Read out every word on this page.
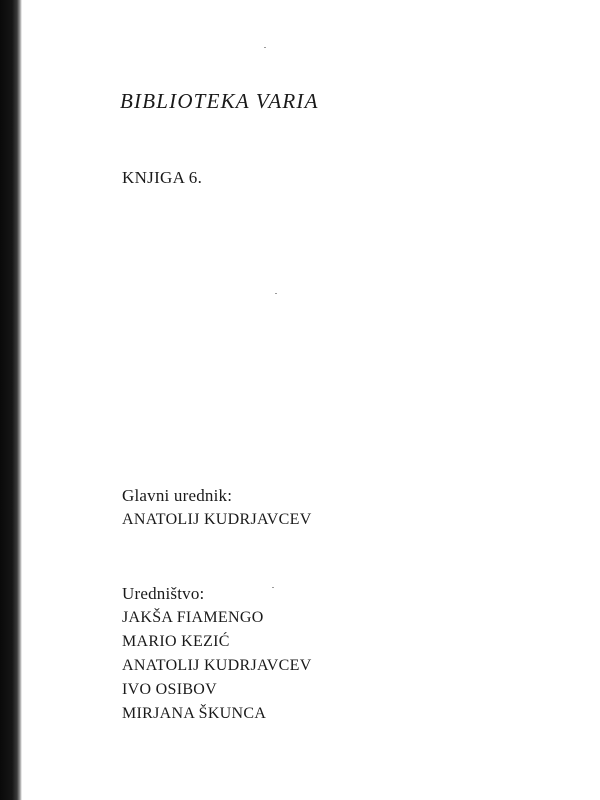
BIBLIOTEKA VARIA
KNJIGA 6.
Glavni urednik:
ANATOLIJ KUDRJAVCEV
Uredništvo:
JAKŠA FIAMENGO
MARIO KEZIĆ
ANATOLIJ KUDRJAVCEV
IVO OSIBOV
MIRJANA ŠKUNCA
